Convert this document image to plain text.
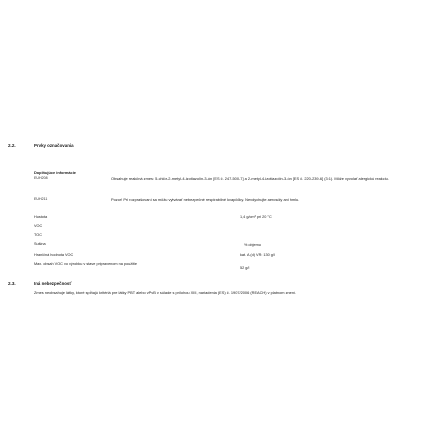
2.2.	Prvky označovania
Doplňujúce informácie
EUH208	Obsahuje reakčná zmes: 5-chlór-2-metyl-4-izotiazolín-3-ón [ES č. 247-500-7] a 2-metyl-4-izotiazolín-3-ón [ES č. 220-239-6] (3:1). Môže vyvolať alergickú reakciu.
EUH211	Pozor! Pri rozprašovaní sa môžu vytvárať nebezpečné respirabilné kvapôčky. Nevdychujte aerosóly ani hmlu.
Hustota	1,4 g/cm³ pri 20 °C
VOC
TOC
Sušina	% objemu
Hraničná hodnota VOC	kat. A (d) VR: 130 g/l
Max. obsah VOC vo výrobku v stave pripravenom na použitie
52 g/l
2.3.	Iná nebezpečnosť
Zmes neobsahuje látky, ktoré spĺňajú kritériá pre látky PBT alebo vPvB v súlade s prílohou XIII, nariadenia (ES) č. 1907/2006 (REACH) v platnom znení.
